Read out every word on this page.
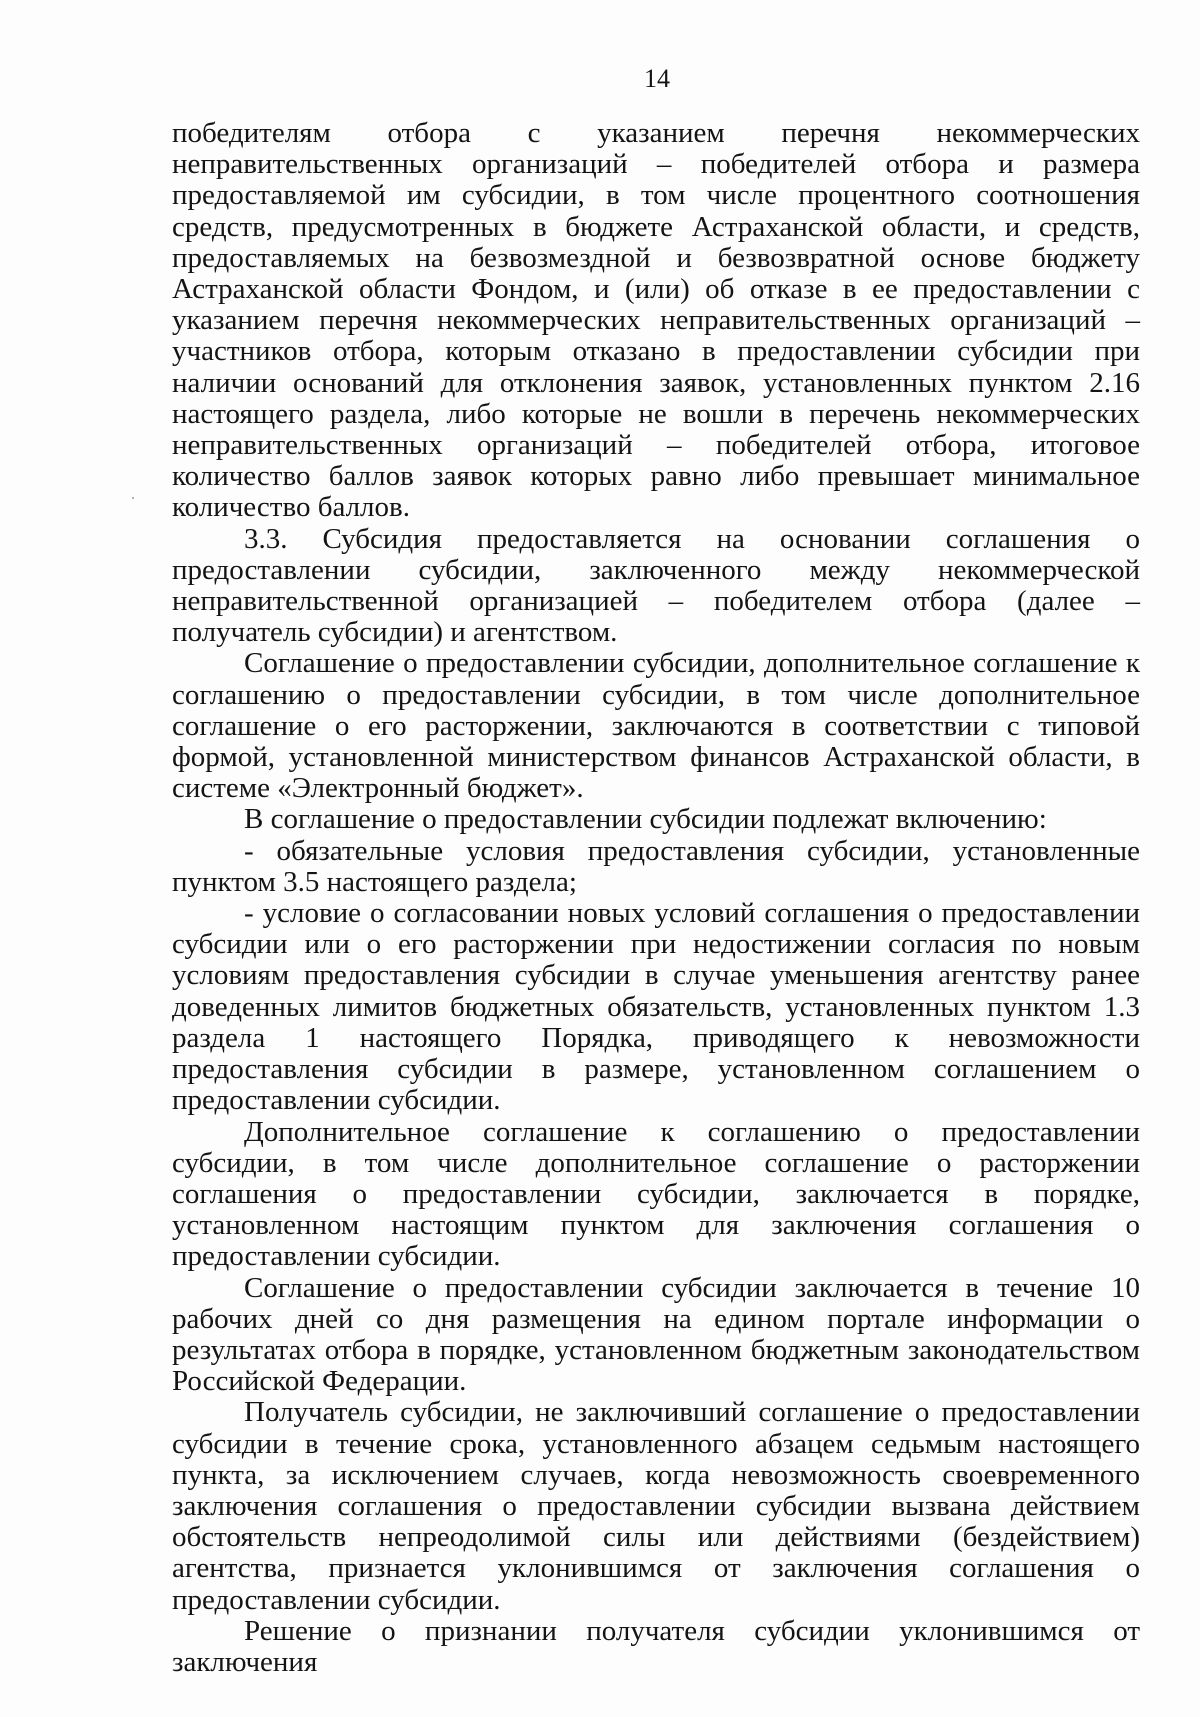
14

победителям отбора с указанием перечня некоммерческих неправительственных организаций – победителей отбора и размера предоставляемой им субсидии, в том числе процентного соотношения средств, предусмотренных в бюджете Астраханской области, и средств, предоставляемых на безвозмездной и безвозвратной основе бюджету Астраханской области Фондом, и (или) об отказе в ее предоставлении с указанием перечня некоммерческих неправительственных организаций – участников отбора, которым отказано в предоставлении субсидии при наличии оснований для отклонения заявок, установленных пунктом 2.16 настоящего раздела, либо которые не вошли в перечень некоммерческих неправительственных организаций – победителей отбора, итоговое количество баллов заявок которых равно либо превышает минимальное количество баллов.

3.3. Субсидия предоставляется на основании соглашения о предоставлении субсидии, заключенного между некоммерческой неправительственной организацией – победителем отбора (далее – получатель субсидии) и агентством.

Соглашение о предоставлении субсидии, дополнительное соглашение к соглашению о предоставлении субсидии, в том числе дополнительное соглашение о его расторжении, заключаются в соответствии с типовой формой, установленной министерством финансов Астраханской области, в системе «Электронный бюджет».

В соглашение о предоставлении субсидии подлежат включению:

- обязательные условия предоставления субсидии, установленные пунктом 3.5 настоящего раздела;

- условие о согласовании новых условий соглашения о предоставлении субсидии или о его расторжении при недостижении согласия по новым условиям предоставления субсидии в случае уменьшения агентству ранее доведенных лимитов бюджетных обязательств, установленных пунктом 1.3 раздела 1 настоящего Порядка, приводящего к невозможности предоставления субсидии в размере, установленном соглашением о предоставлении субсидии.

Дополнительное соглашение к соглашению о предоставлении субсидии, в том числе дополнительное соглашение о расторжении соглашения о предоставлении субсидии, заключается в порядке, установленном настоящим пунктом для заключения соглашения о предоставлении субсидии.

Соглашение о предоставлении субсидии заключается в течение 10 рабочих дней со дня размещения на едином портале информации о результатах отбора в порядке, установленном бюджетным законодательством Российской Федерации.

Получатель субсидии, не заключивший соглашение о предоставлении субсидии в течение срока, установленного абзацем седьмым настоящего пункта, за исключением случаев, когда невозможность своевременного заключения соглашения о предоставлении субсидии вызвана действием обстоятельств непреодолимой силы или действиями (бездействием) агентства, признается уклонившимся от заключения соглашения о предоставлении субсидии.

Решение о признании получателя субсидии уклонившимся от заключения
